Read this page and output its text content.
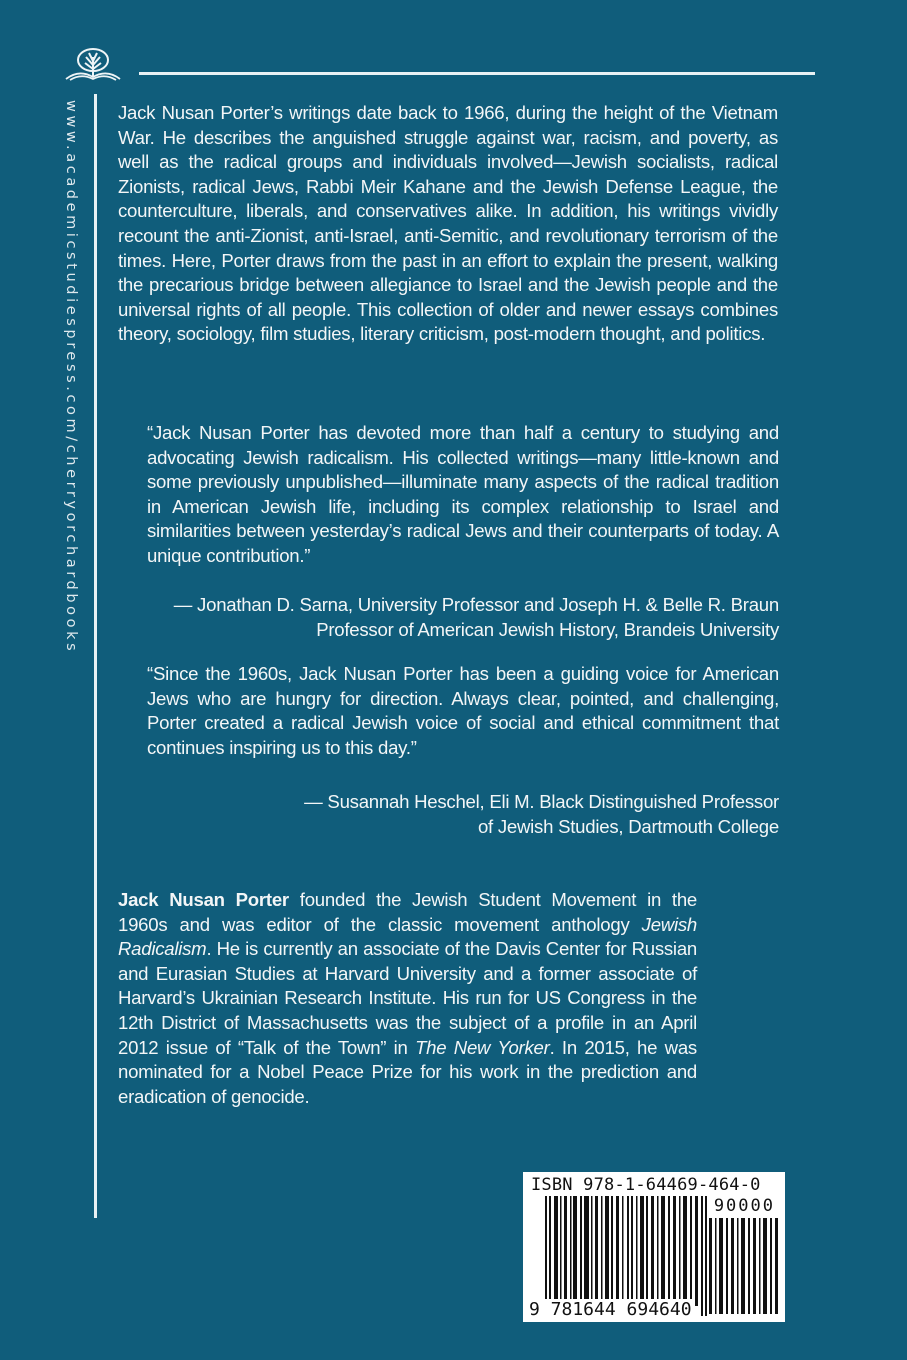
www.academicstudiespress.com/cherryorchardbooks Jack Nusan Porter’s writings date back to 1966, during the height of the Vietnam War. He describes the anguished struggle against war, racism, and poverty, as well as the radical groups and individuals involved—Jewish socialists, radical Zionists, radical Jews, Rabbi Meir Kahane and the Jewish Defense League, the counterculture, liberals, and conservatives alike. In addition, his writings vividly recount the anti-Zionist, anti-Israel, anti-Semitic, and revolutionary terrorism of the times. Here, Porter draws from the past in an effort to explain the present, walking the precarious bridge between allegiance to Israel and the Jewish people and the universal rights of all people. This collection of older and newer essays combines theory, sociology, film studies, literary criticism, post-modern thought, and politics.

“Jack Nusan Porter has devoted more than half a century to studying and advocating Jewish radicalism. His collected writings—many little-known and some previously unpublished—illuminate many aspects of the radical tradition in American Jewish life, including its complex relationship to Israel and similarities between yesterday’s radical Jews and their counterparts of today. A unique contribution.”

— Jonathan D. Sarna, University Professor and Joseph H. & Belle R. Braun

Professor of American Jewish History, Brandeis University

“Since the 1960s, Jack Nusan Porter has been a guiding voice for American Jews who are hungry for direction. Always clear, pointed, and challenging, Porter created a radical Jewish voice of social and ethical commitment that continues inspiring us to this day.”

— Susannah Heschel, Eli M. Black Distinguished Professor

of Jewish Studies, Dartmouth College

Jack Nusan Porter founded the Jewish Student Movement in the 1960s and was editor of the classic movement anthology Jewish Radicalism. He is currently an associate of the Davis Center for Russian and Eurasian Studies at Harvard University and a former associate of Harvard’s Ukrainian Research Institute. His run for US Congress in the 12th District of Massachusetts was the subject of a profile in an April 2012 issue of “Talk of the Town” in The New Yorker. In 2015, he was nominated for a Nobel Peace Prize for his work in the prediction and eradication of genocide.

ISBN 978-1-64469-464-0
90000
9 781644 694640
